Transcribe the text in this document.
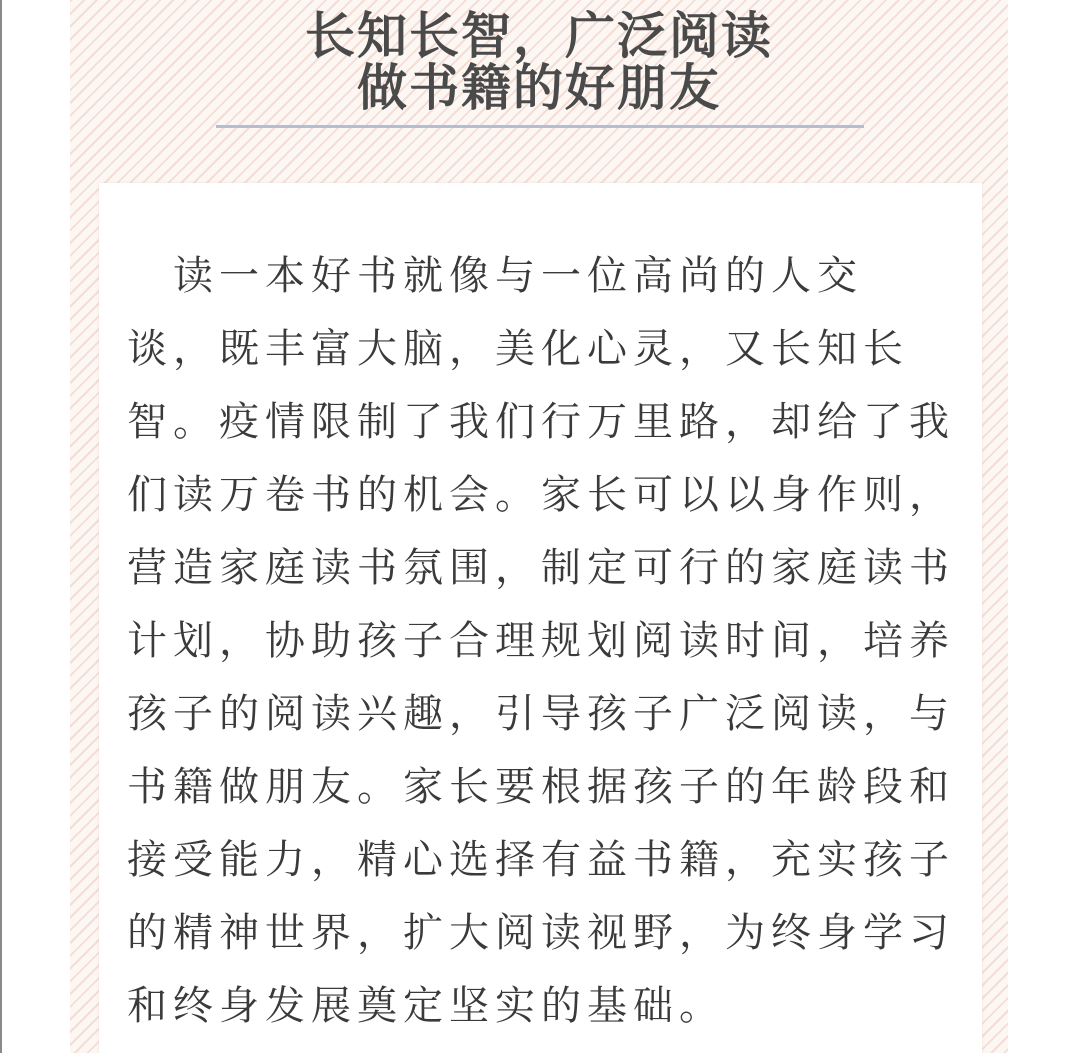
长知长智，广泛阅读
做书籍的好朋友
　读一本好书就像与一位高尚的人交
谈，既丰富大脑，美化心灵，又长知长
智。疫情限制了我们行万里路，却给了我
们读万卷书的机会。家长可以以身作则，
营造家庭读书氛围，制定可行的家庭读书
计划，协助孩子合理规划阅读时间，培养
孩子的阅读兴趣，引导孩子广泛阅读，与
书籍做朋友。家长要根据孩子的年龄段和
接受能力，精心选择有益书籍，充实孩子
的精神世界，扩大阅读视野，为终身学习
和终身发展奠定坚实的基础。
